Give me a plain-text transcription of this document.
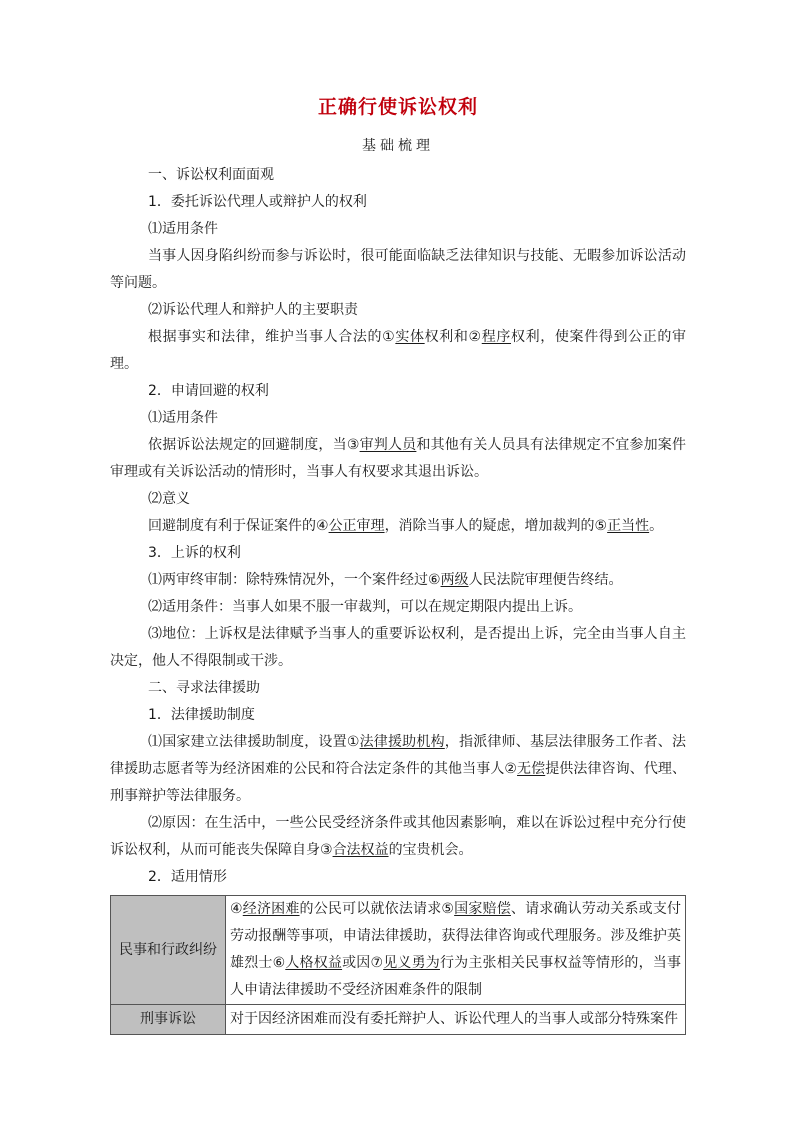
正确行使诉讼权利
基础梳理

一、诉讼权利面面观

1．委托诉讼代理人或辩护人的权利

⑴适用条件

当事人因身陷纠纷而参与诉讼时，很可能面临缺乏法律知识与技能、无暇参加诉讼活动等问题。

⑵诉讼代理人和辩护人的主要职责

根据事实和法律，维护当事人合法的①实体权利和②程序权利，使案件得到公正的审理。

2．申请回避的权利

⑴适用条件

依据诉讼法规定的回避制度，当③审判人员和其他有关人员具有法律规定不宜参加案件审理或有关诉讼活动的情形时，当事人有权要求其退出诉讼。

⑵意义

回避制度有利于保证案件的④公正审理，消除当事人的疑虑，增加裁判的⑤正当性。

3．上诉的权利

⑴两审终审制：除特殊情况外，一个案件经过⑥两级人民法院审理便告终结。

⑵适用条件：当事人如果不服一审裁判，可以在规定期限内提出上诉。

⑶地位：上诉权是法律赋予当事人的重要诉讼权利，是否提出上诉，完全由当事人自主决定，他人不得限制或干涉。

二、寻求法律援助

1．法律援助制度

⑴国家建立法律援助制度，设置①法律援助机构，指派律师、基层法律服务工作者、法律援助志愿者等为经济困难的公民和符合法定条件的其他当事人②无偿提供法律咨询、代理、刑事辩护等法律服务。

⑵原因：在生活中，一些公民受经济条件或其他因素影响，难以在诉讼过程中充分行使诉讼权利，从而可能丧失保障自身③合法权益的宝贵机会。

2．适用情形

民事和行政纠纷	④经济困难的公民可以就依法请求⑤国家赔偿、请求确认劳动关系或支付劳动报酬等事项，申请法律援助，获得法律咨询或代理服务。涉及维护英雄烈士⑥人格权益或因⑦见义勇为行为主张相关民事权益等情形的，当事人申请法律援助不受经济困难条件的限制
刑事诉讼	对于因经济困难而没有委托辩护人、诉讼代理人的当事人或部分特殊案件
